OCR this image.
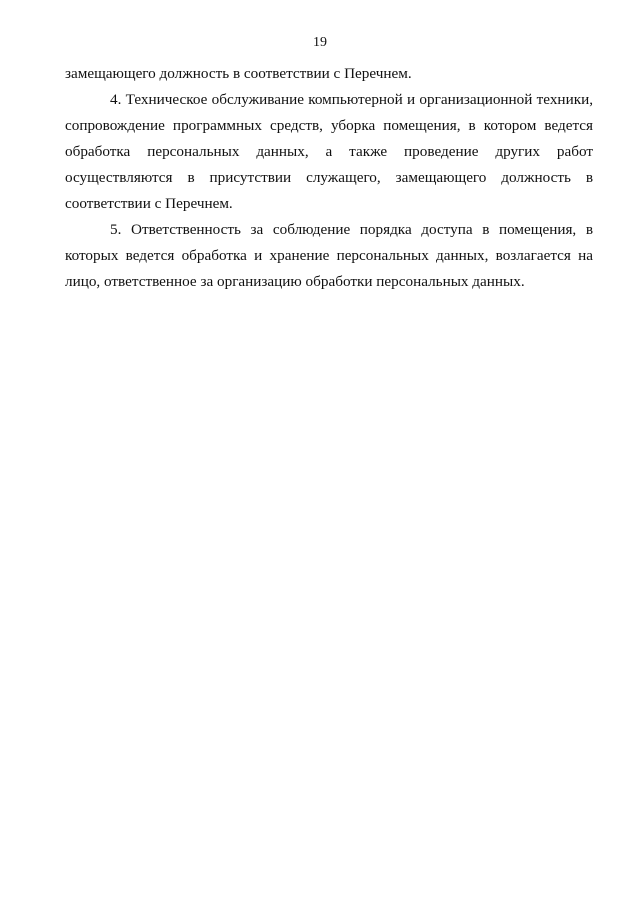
19

замещающего должность в соответствии с Перечнем.

4. Техническое обслуживание компьютерной и организационной техники, сопровождение программных средств, уборка помещения, в котором ведется обработка персональных данных, а также проведение других работ осуществляются в присутствии служащего, замещающего должность в соответствии с Перечнем.

5. Ответственность за соблюдение порядка доступа в помещения, в которых ведется обработка и хранение персональных данных, возлагается на лицо, ответственное за организацию обработки персональных данных.
